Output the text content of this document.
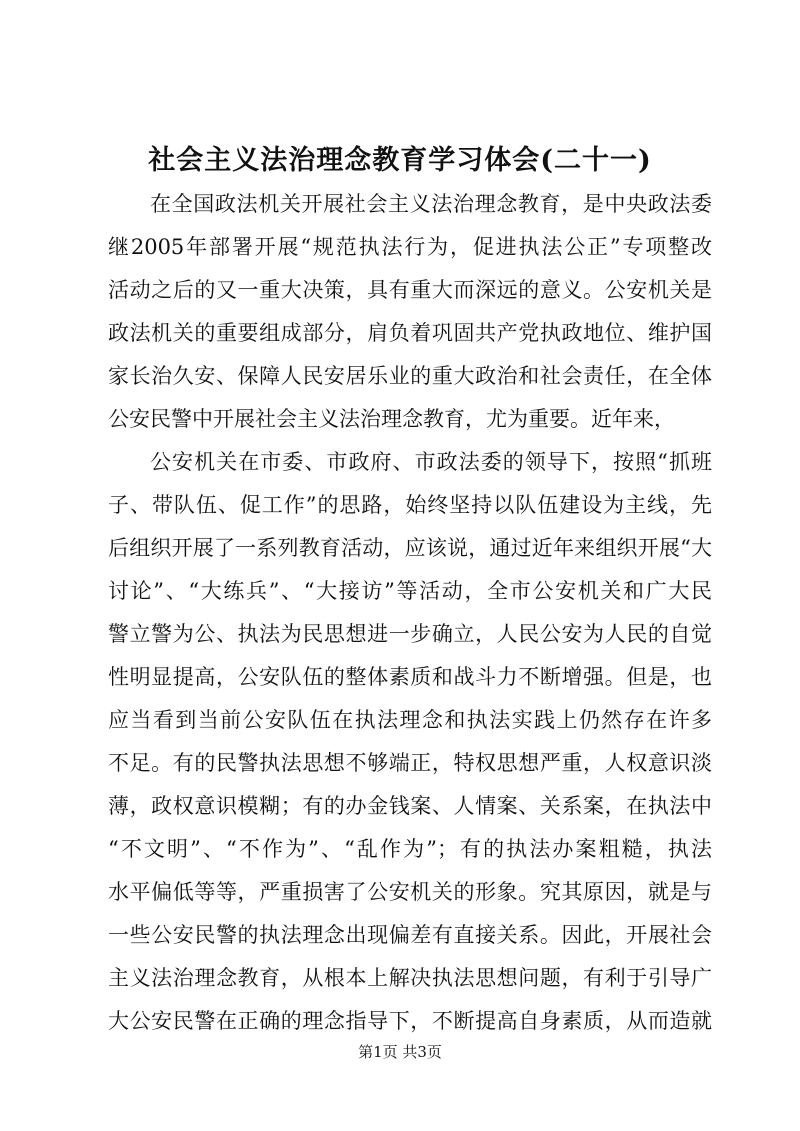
社会主义法治理念教育学习体会(二十一)
在全国政法机关开展社会主义法治理念教育，是中央政法委
继2005年部署开展“规范执法行为，促进执法公正”专项整改
活动之后的又一重大决策，具有重大而深远的意义。公安机关是
政法机关的重要组成部分，肩负着巩固共产党执政地位、维护国
家长治久安、保障人民安居乐业的重大政治和社会责任，在全体
公安民警中开展社会主义法治理念教育，尤为重要。近年来，
公安机关在市委、市政府、市政法委的领导下，按照“抓班
子、带队伍、促工作”的思路，始终坚持以队伍建设为主线，先
后组织开展了一系列教育活动，应该说，通过近年来组织开展“大
讨论”、“大练兵”、“大接访”等活动，全市公安机关和广大民
警立警为公、执法为民思想进一步确立，人民公安为人民的自觉
性明显提高，公安队伍的整体素质和战斗力不断增强。但是，也
应当看到当前公安队伍在执法理念和执法实践上仍然存在许多
不足。有的民警执法思想不够端正，特权思想严重，人权意识淡
薄，政权意识模糊；有的办金钱案、人情案、关系案，在执法中
“不文明”、“不作为”、“乱作为”；有的执法办案粗糙，执法
水平偏低等等，严重损害了公安机关的形象。究其原因，就是与
一些公安民警的执法理念出现偏差有直接关系。因此，开展社会
主义法治理念教育，从根本上解决执法思想问题，有利于引导广
大公安民警在正确的理念指导下，不断提高自身素质，从而造就
第1页 共3页
